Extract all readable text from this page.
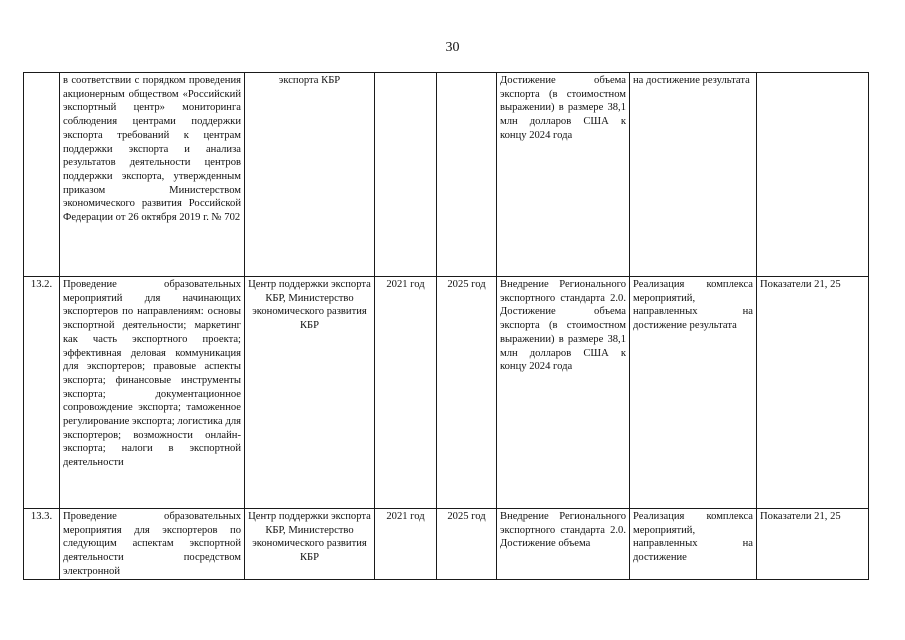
30
	в соответствии с порядком проведения акционерным обществом «Российский экспортный центр» мониторинга соблюдения центрами поддержки экспорта требований к центрам поддержки экспорта и анализа результатов деятельности центров поддержки экспорта, утвержденным приказом Министерством экономического развития Российской Федерации от 26 октября 2019 г. № 702	экспорта КБР			Достижение объема экспорта (в стоимостном выражении) в размере 38,1 млн долларов США к концу 2024 года	на достижение результата	
13.2.	Проведение образовательных мероприятий для начинающих экспортеров по направлениям: основы экспортной деятельности; маркетинг как часть экспортного проекта; эффективная деловая коммуникация для экспортеров; правовые аспекты экспорта; финансовые инструменты экспорта; документационное сопровождение экспорта; таможенное регулирование экспорта; логистика для экспортеров; возможности онлайн-экспорта; налоги в экспортной деятельности	Центр поддержки экспорта КБР, Министерство экономического развития КБР	2021 год	2025 год	Внедрение Регионального экспортного стандарта 2.0. Достижение объема экспорта (в стоимостном выражении) в размере 38,1 млн долларов США к концу 2024 года	Реализация комплекса мероприятий, направленных на достижение результата	Показатели 21, 25
13.3.	Проведение образовательных мероприятия для экспортеров по следующим аспектам экспортной деятельности посредством электронной	Центр поддержки экспорта КБР, Министерство экономического развития КБР	2021 год	2025 год	Внедрение Регионального экспортного стандарта 2.0. Достижение объема	Реализация комплекса мероприятий, направленных на достижение	Показатели 21, 25
